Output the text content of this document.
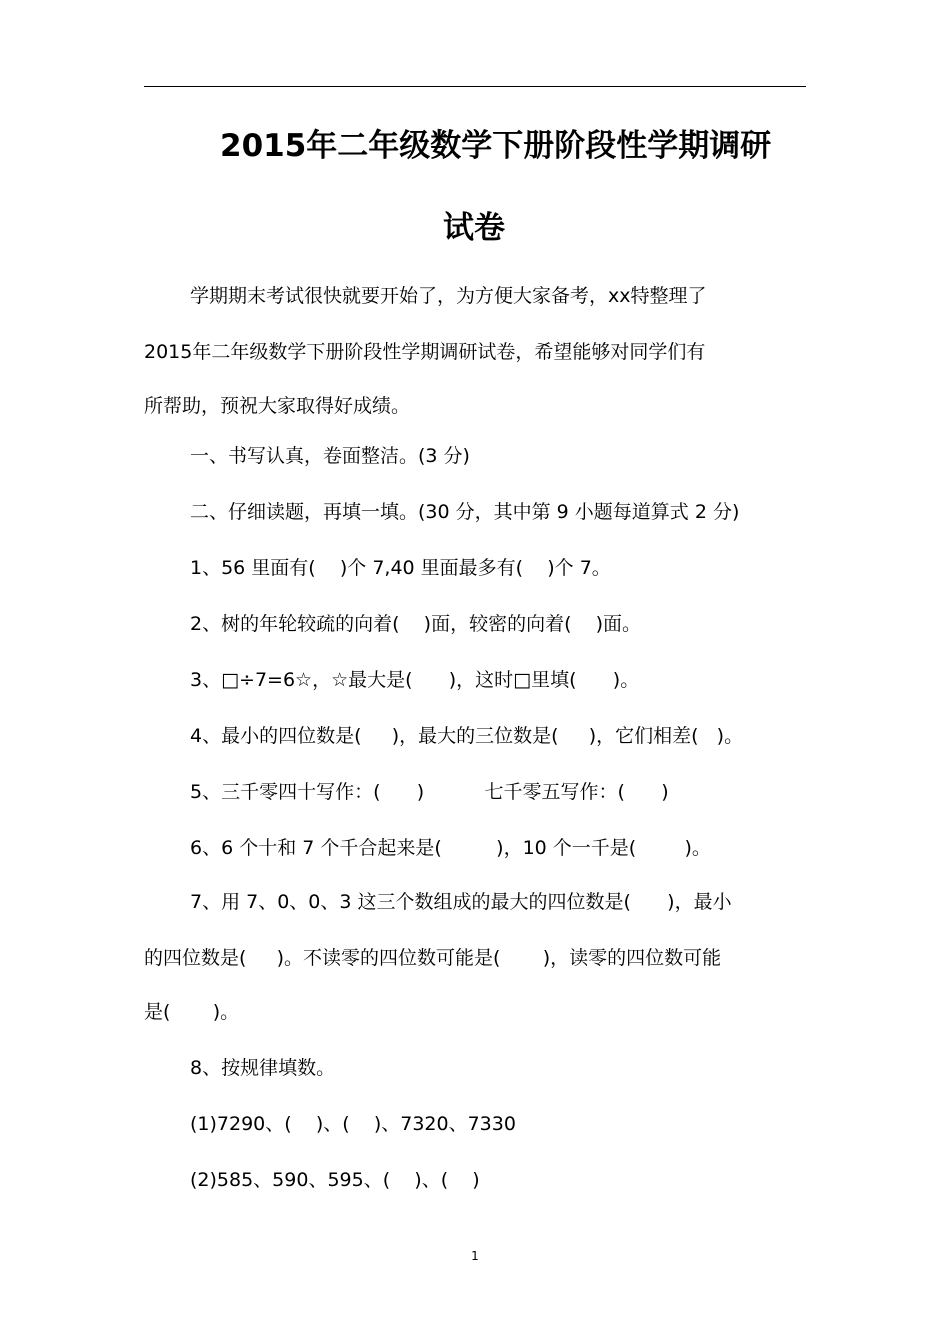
2015年二年级数学下册阶段性学期调研
试卷
学期期末考试很快就要开始了，为方便大家备考，xx特整理了
2015年二年级数学下册阶段性学期调研试卷，希望能够对同学们有
所帮助，预祝大家取得好成绩。
一、书写认真，卷面整洁。(3 分)
二、仔细读题，再填一填。(30 分，其中第 9 小题每道算式 2 分)
1、56 里面有(    )个 7,40 里面最多有(    )个 7。
2、树的年轮较疏的向着(    )面，较密的向着(    )面。
3、□÷7=6☆，☆最大是(      )，这时□里填(      )。
4、最小的四位数是(     )，最大的三位数是(     )，它们相差(   )。
5、三千零四十写作：(      )          七千零五写作：(      )
6、6 个十和 7 个千合起来是(         )，10 个一千是(        )。
7、用 7、0、0、3 这三个数组成的最大的四位数是(      )，最小
的四位数是(     )。不读零的四位数可能是(       )，读零的四位数可能
是(       )。
8、按规律填数。
(1)7290、(    )、(    )、7320、7330
(2)585、590、595、(    )、(    )
1
